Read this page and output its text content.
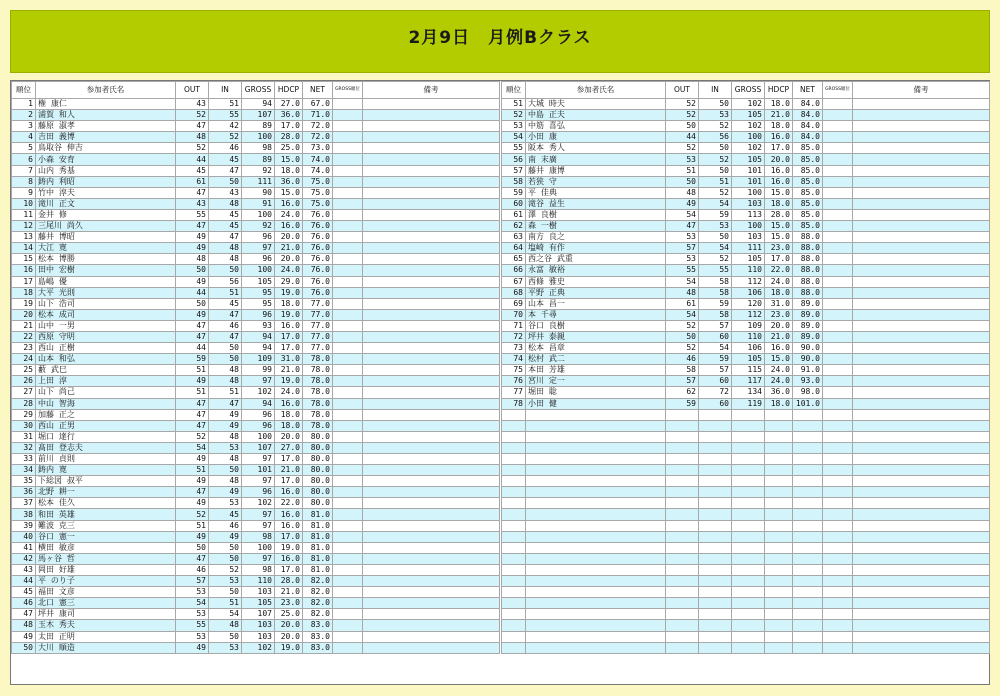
2月9日　月例Bクラス
順位	参加者氏名	OUT	IN	GROSS	HDCP	NET	GROSS順位	備考
1	権 康仁	43	51	94	27.0	67.0		
2	浦賀 和人	52	55	107	36.0	71.0		
3	藤原 淑孝	47	42	89	17.0	72.0		
4	吉田 義博	48	52	100	28.0	72.0		
5	鳥取谷 伸吉	52	46	98	25.0	73.0		
6	小森 安育	44	45	89	15.0	74.0		
7	山内 秀基	45	47	92	18.0	74.0		
8	鋳内 利昭	61	50	111	36.0	75.0		
9	竹中 淳夫	47	43	90	15.0	75.0		
10	滝川 正文	43	48	91	16.0	75.0		
11	金井 修	55	45	100	24.0	76.0		
12	三尾川 尚久	47	45	92	16.0	76.0		
13	藤井 博昭	49	47	96	20.0	76.0		
14	大江 寛	49	48	97	21.0	76.0		
15	松本 博勝	48	48	96	20.0	76.0		
16	田中 宏樹	50	50	100	24.0	76.0		
17	島嶋 優	49	56	105	29.0	76.0		
18	大平 光則	44	51	95	19.0	76.0		
19	山下 浩司	50	45	95	18.0	77.0		
20	松本 成司	49	47	96	19.0	77.0		
21	山中 一男	47	46	93	16.0	77.0		
22	西原 守明	47	47	94	17.0	77.0		
23	西山 正樹	44	50	94	17.0	77.0		
24	山本 和弘	59	50	109	31.0	78.0		
25	藪 武巳	51	48	99	21.0	78.0		
26	上田 淳	49	48	97	19.0	78.0		
27	山下 尚己	51	51	102	24.0	78.0		
28	中山 智海	47	47	94	16.0	78.0		
29	加藤 正之	47	49	96	18.0	78.0		
30	西山 正男	47	49	96	18.0	78.0		
31	堀口 達行	52	48	100	20.0	80.0		
32	髙田 登志夫	54	53	107	27.0	80.0		
33	前川 貞則	49	48	97	17.0	80.0		
34	鋳内 寛	51	50	101	21.0	80.0		
35	下総図 叔平	49	48	97	17.0	80.0		
36	北野 耕一	47	49	96	16.0	80.0		
37	松本 佳久	49	53	102	22.0	80.0		
38	和田 英雄	52	45	97	16.0	81.0		
39	難波 克三	51	46	97	16.0	81.0		
40	谷口 憲一	49	49	98	17.0	81.0		
41	横田 敏彦	50	50	100	19.0	81.0		
42	馬ヶ谷 哲	47	50	97	16.0	81.0		
43	岡田 好雄	46	52	98	17.0	81.0		
44	平 のり子	57	53	110	28.0	82.0		
45	福田 文彦	53	50	103	21.0	82.0		
46	北口 憲三	54	51	105	23.0	82.0		
47	坪井 康司	53	54	107	25.0	82.0		
48	玉木 秀夫	55	48	103	20.0	83.0		
49	太田 正明	53	50	103	20.0	83.0		
50	大川 順造	49	53	102	19.0	83.0		
順位	参加者氏名	OUT	IN	GROSS	HDCP	NET	GROSS順位	備考
51	大城 時夫	52	50	102	18.0	84.0		
52	中島 正夫	52	53	105	21.0	84.0		
53	中筋 喜弘	50	52	102	18.0	84.0		
54	小田 康	44	56	100	16.0	84.0		
55	阪本 秀人	52	50	102	17.0	85.0		
56	南 末廣	53	52	105	20.0	85.0		
57	藤井 康博	51	50	101	16.0	85.0		
58	若狭 守	50	51	101	16.0	85.0		
59	平 佳典	48	52	100	15.0	85.0		
60	滝谷 益生	49	54	103	18.0	85.0		
61	澤 良樹	54	59	113	28.0	85.0		
62	森 一樹	47	53	100	15.0	85.0		
63	南方 良之	53	50	103	15.0	88.0		
64	塩崎 有作	57	54	111	23.0	88.0		
65	西之谷 武重	53	52	105	17.0	88.0		
66	永富 敏裕	55	55	110	22.0	88.0		
67	西條 雅史	54	58	112	24.0	88.0		
68	平野 正典	48	58	106	18.0	88.0		
69	山本 昌一	61	59	120	31.0	89.0		
70	本 千尋	54	58	112	23.0	89.0		
71	谷口 良樹	52	57	109	20.0	89.0		
72	坪井 泰親	50	60	110	21.0	89.0		
73	松本 昌章	52	54	106	16.0	90.0		
74	松村 武二	46	59	105	15.0	90.0		
75	本田 芳雄	58	57	115	24.0	91.0		
76	宮川 定一	57	60	117	24.0	93.0		
77	堀田 聡	62	72	134	36.0	98.0		
78	小田 健	59	60	119	18.0	101.0		
